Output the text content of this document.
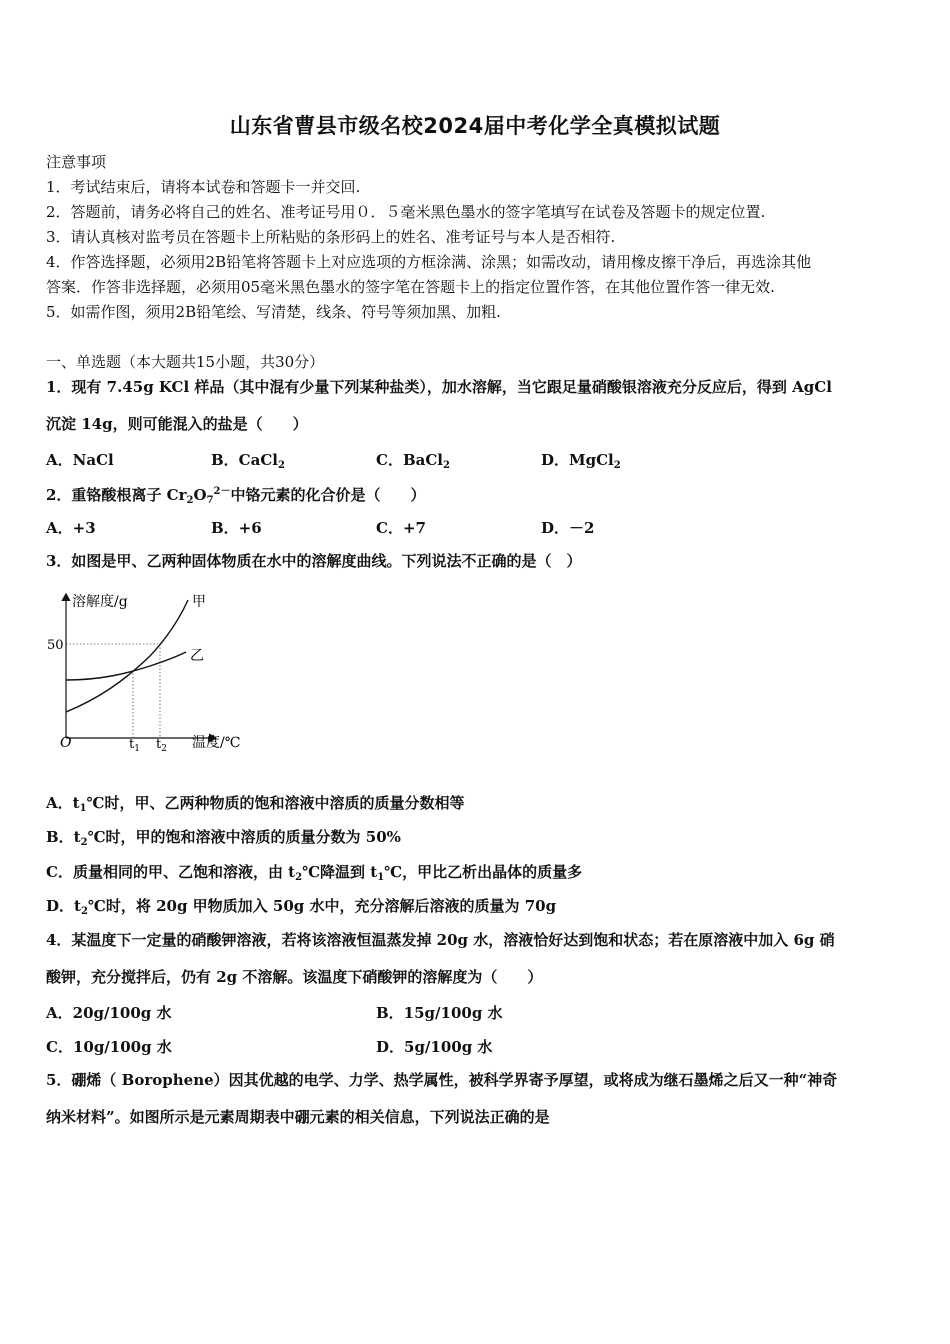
山东省曹县市级名校2024届中考化学全真模拟试题
注意事项
1．考试结束后，请将本试卷和答题卡一并交回.
2．答题前，请务必将自己的姓名、准考证号用０．５毫米黑色墨水的签字笔填写在试卷及答题卡的规定位置.
3．请认真核对监考员在答题卡上所粘贴的条形码上的姓名、准考证号与本人是否相符.
4．作答选择题，必须用2B铅笔将答题卡上对应选项的方框涂满、涂黑；如需改动，请用橡皮擦干净后，再选涂其他
答案．作答非选择题，必须用05毫米黑色墨水的签字笔在答题卡上的指定位置作答，在其他位置作答一律无效.
5．如需作图，须用2B铅笔绘、写清楚，线条、符号等须加黑、加粗.
一、单选题（本大题共15小题，共30分）
1．现有 7.45g KCl 样品（其中混有少量下列某种盐类），加水溶解，当它跟足量硝酸银溶液充分反应后，得到 AgCl
沉淀 14g，则可能混入的盐是（　　）
A．NaCl	B．CaCl$_2$	C．BaCl$_2$	D．MgCl$_2$
2．重铬酸根离子 $Cr_2O_7^{2-}$中铬元素的化合价是（　　）
A．+3	B．+6	C．+7	D．－2
3．如图是甲、乙两种固体物质在水中的溶解度曲线。下列说法不正确的是（　）
溶解度/g	甲
乙
50
O	$t_1$ $t_2$ 温度/℃
A．$t_1℃$时，甲、乙两种物质的饱和溶液中溶质的质量分数相等
B．$t_2℃$时，甲的饱和溶液中溶质的质量分数为 50%
C．质量相同的甲、乙饱和溶液，由 $t_2℃$降温到 $t_1℃$，甲比乙析出晶体的质量多
D．$t_2℃$时，将 20g 甲物质加入 50g 水中，充分溶解后溶液的质量为 70g
4．某温度下一定量的硝酸钾溶液，若将该溶液恒温蒸发掉 20g 水，溶液恰好达到饱和状态；若在原溶液中加入 6g 硝
酸钾，充分搅拌后，仍有 2g 不溶解。该温度下硝酸钾的溶解度为（　　）
A．20g/100g 水	B．15g/100g 水
C．10g/100g 水	D．5g/100g 水
5．硼烯（ Borophene）因其优越的电学、力学、热学属性，被科学界寄予厚望，或将成为继石墨烯之后又一种“神奇
纳米材料”。如图所示是元素周期表中硼元素的相关信息，下列说法正确的是
